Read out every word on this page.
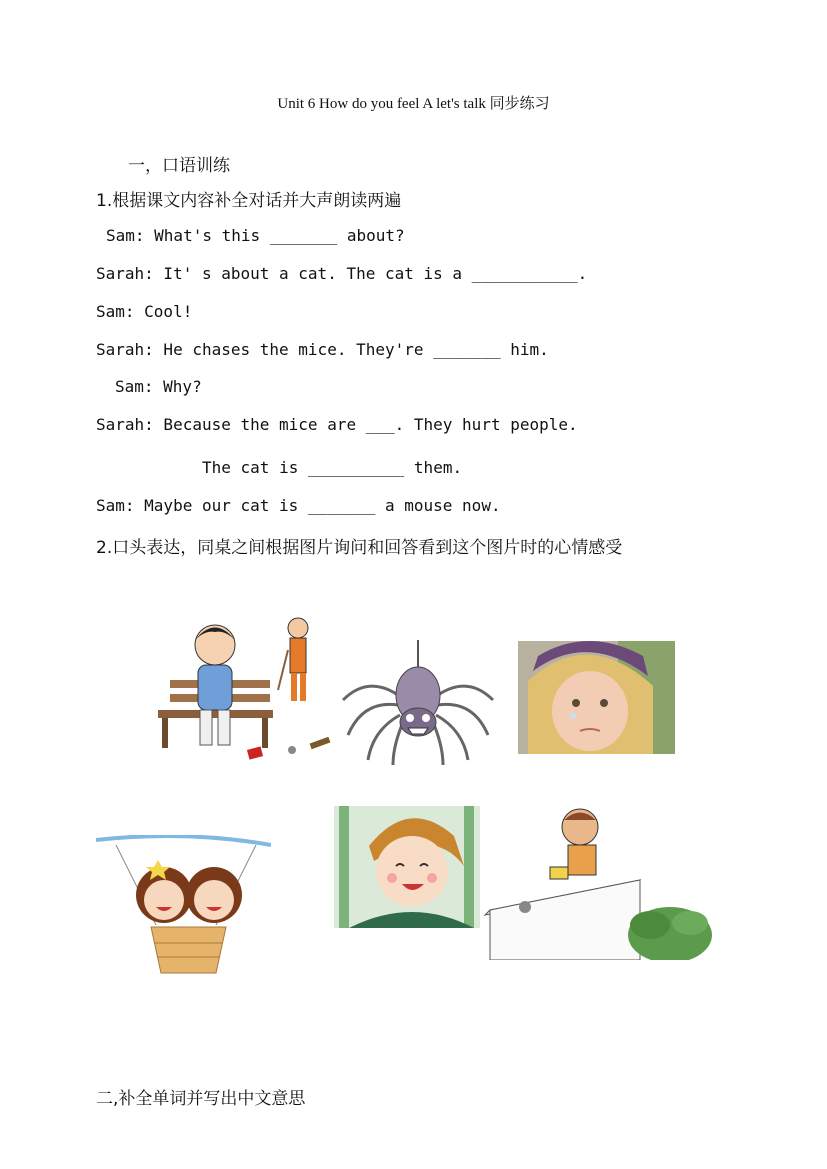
Unit 6 How do you feel A let's talk 同步练习
一，口语训练
1.根据课文内容补全对话并大声朗读两遍
Sam: What's this _______ about?
Sarah: It' s about a cat. The cat is a ___________.
Sam: Cool!
Sarah: He chases the mice. They're _______ him.
Sam: Why?
Sarah: Because the mice are ___. They hurt people.
The cat is __________ them.
Sam: Maybe our cat is _______ a mouse now.
2.口头表达，同桌之间根据图片询问和回答看到这个图片时的心情感受
二,补全单词并写出中文意思
